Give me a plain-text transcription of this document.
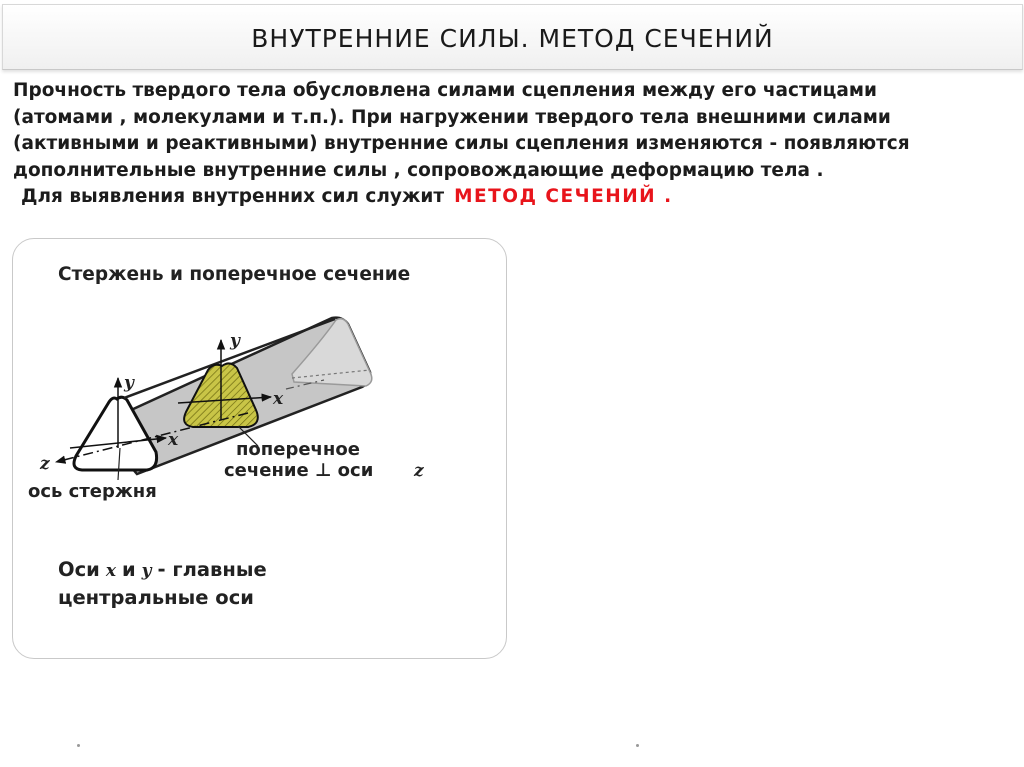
ВНУТРЕННИЕ СИЛЫ. МЕТОД СЕЧЕНИЙ
Прочность твердого тела обусловлена силами сцепления между его частицами
(атомами , молекулами и т.п.). При нагружении твердого тела внешними силами
(активными и реактивными) внутренние силы сцепления изменяются - появляются
дополнительные внутренние силы , сопровождающие деформацию тела .
Для выявления внутренних сил служит МЕТОД СЕЧЕНИЙ .
Стержень и поперечное сечение
y
x
z
y
x
поперечное
сечение ⊥ оси z
ось стержня
Оси x и y - главные
центральные оси
